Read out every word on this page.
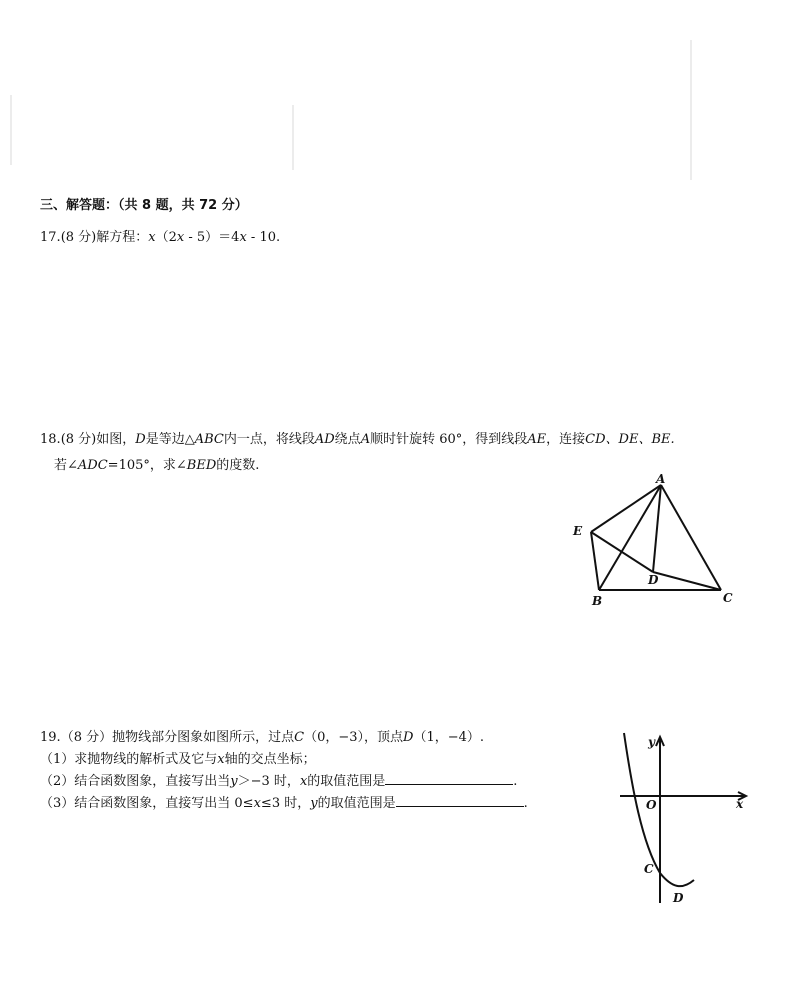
三、解答题：（共 8 题，共 72 分）
17.(8 分)解方程：x（2x - 5）＝4x - 10.
18.(8 分)如图，D是等边△ABC内一点，将线段AD绕点A顺时针旋转 60°，得到线段AE，连接CD、DE、BE.
若∠ADC=105°，求∠BED的度数.
A
E
D
B	C
19.（8 分）抛物线部分图象如图所示，过点C（0，−3），顶点D（1，−4）.
（1）求抛物线的解析式及它与x轴的交点坐标；
（2）结合函数图象，直接写出当y＞−3 时，x的取值范围是	.
（3）结合函数图象，直接写出当 0≤x≤3 时，y的取值范围是	.
y
x
O
C
D
